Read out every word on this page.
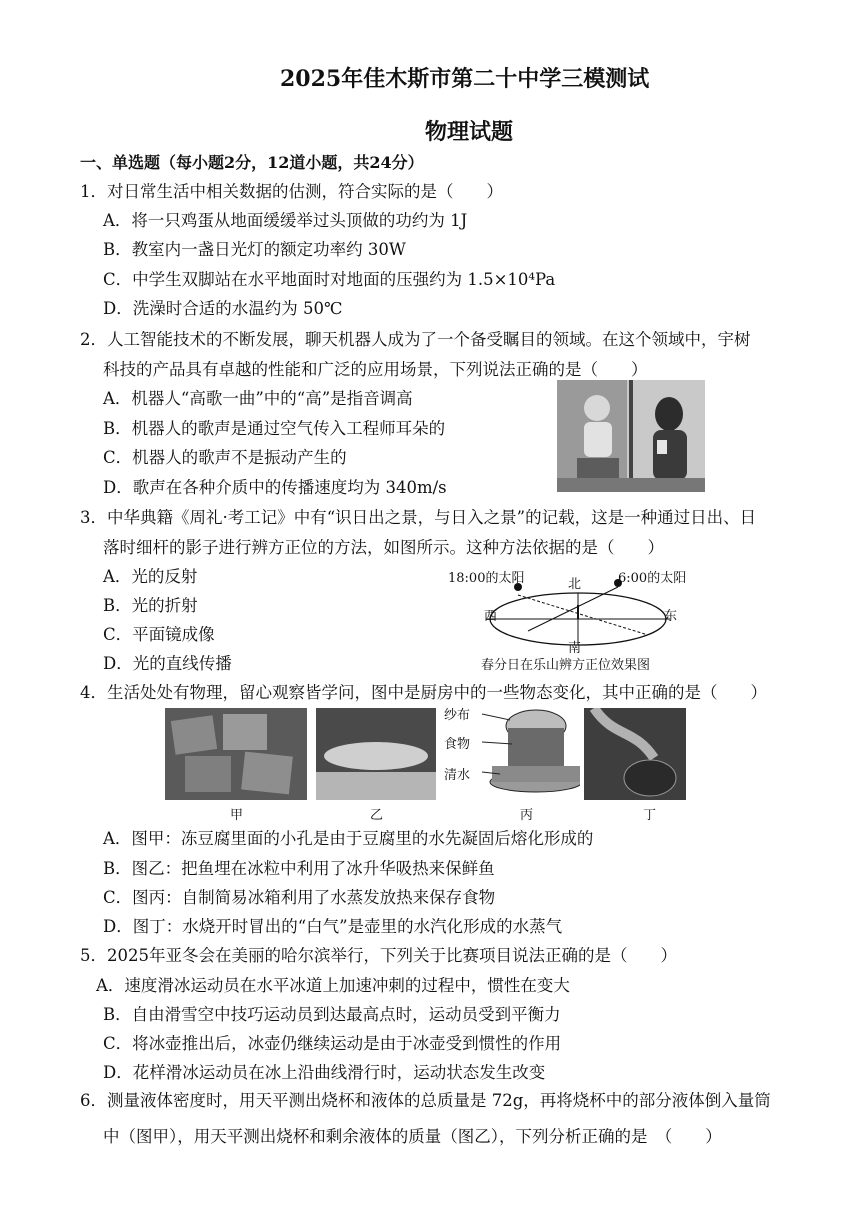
2025年佳木斯市第二十中学三模测试
物理试题
一、单选题（每小题2分，12道小题，共24分）
1．对日常生活中相关数据的估测，符合实际的是（　　）
A．将一只鸡蛋从地面缓缓举过头顶做的功约为 1J
B．教室内一盏日光灯的额定功率约 30W
C．中学生双脚站在水平地面时对地面的压强约为 1.5×10⁴Pa
D．洗澡时合适的水温约为 50℃
2．人工智能技术的不断发展，聊天机器人成为了一个备受瞩目的领域。在这个领域中，宇树
科技的产品具有卓越的性能和广泛的应用场景，下列说法正确的是（　　）
A．机器人“高歌一曲”中的“高”是指音调高
B．机器人的歌声是通过空气传入工程师耳朵的
C．机器人的歌声不是振动产生的
D．歌声在各种介质中的传播速度均为 340m/s
3．中华典籍《周礼·考工记》中有“识日出之景，与日入之景”的记载，这是一种通过日出、日
落时细杆的影子进行辨方正位的方法，如图所示。这种方法依据的是（　　）
A．光的反射
B．光的折射
C．平面镜成像
D．光的直线传播
18:00的太阳	6:00的太阳
北
西	东
南
春分日在乐山辨方正位效果图
4．生活处处有物理，留心观察皆学问，图中是厨房中的一些物态变化，其中正确的是（　　）
纱布
食物
清水
甲	乙	丙	丁
A．图甲：冻豆腐里面的小孔是由于豆腐里的水先凝固后熔化形成的
B．图乙：把鱼埋在冰粒中利用了冰升华吸热来保鲜鱼
C．图丙：自制简易冰箱利用了水蒸发放热来保存食物
D．图丁：水烧开时冒出的“白气”是壶里的水汽化形成的水蒸气
5．2025年亚冬会在美丽的哈尔滨举行，下列关于比赛项目说法正确的是（　　）
A．速度滑冰运动员在水平冰道上加速冲刺的过程中，惯性在变大
B．自由滑雪空中技巧运动员到达最高点时，运动员受到平衡力
C．将冰壶推出后，冰壶仍继续运动是由于冰壶受到惯性的作用
D．花样滑冰运动员在冰上沿曲线滑行时，运动状态发生改变
6．测量液体密度时，用天平测出烧杯和液体的总质量是 72g，再将烧杯中的部分液体倒入量筒
中（图甲），用天平测出烧杯和剩余液体的质量（图乙），下列分析正确的是　（　　）
